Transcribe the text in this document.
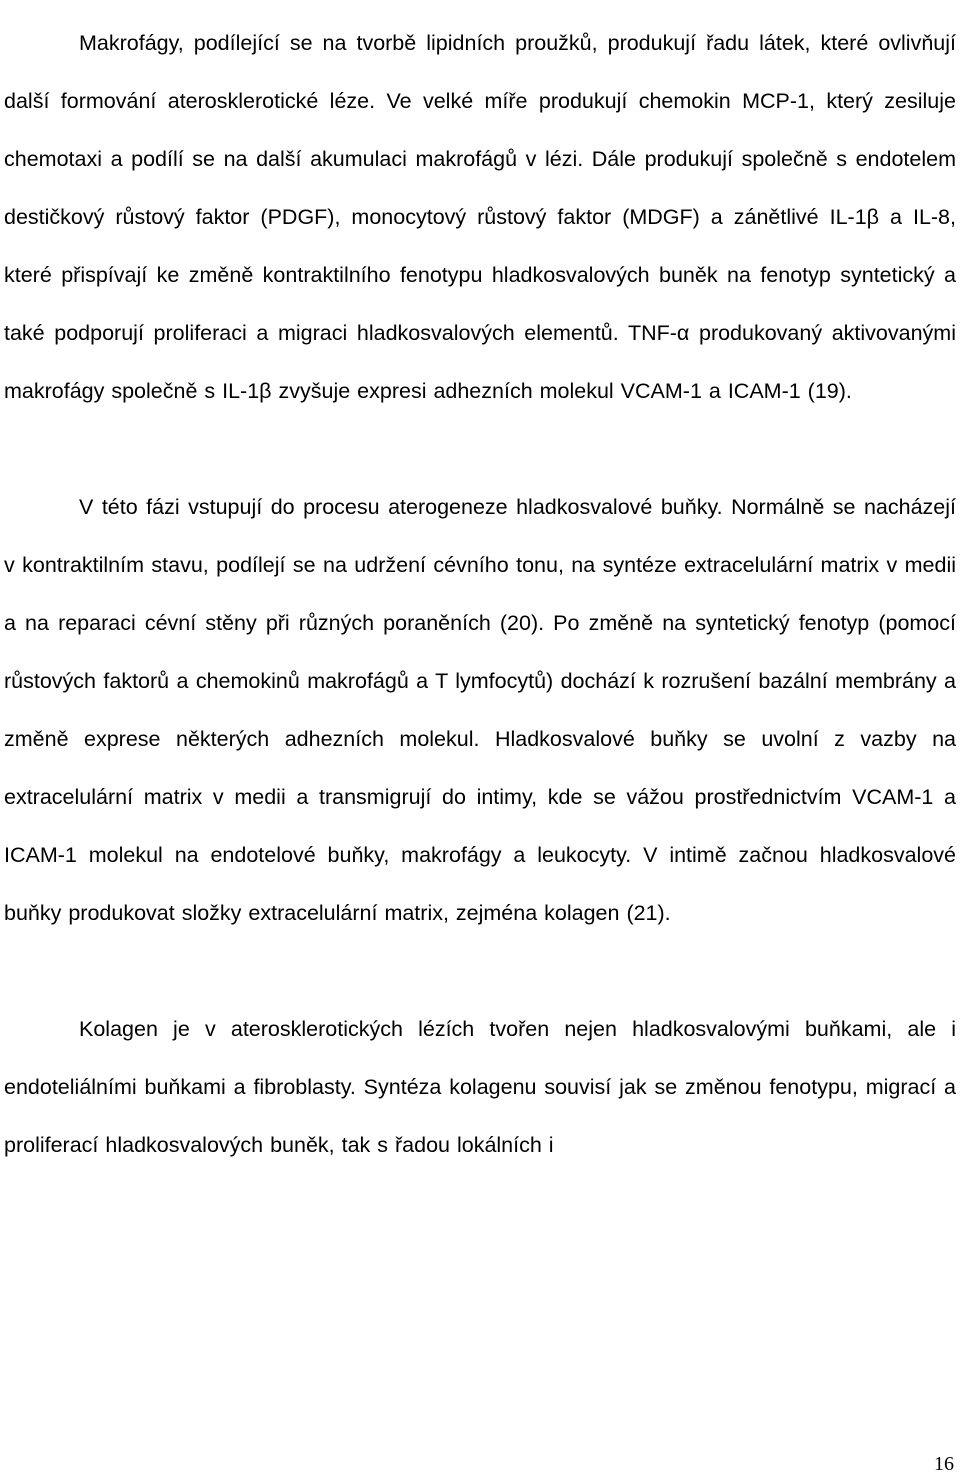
Makrofágy, podílející se na tvorbě lipidních proužků, produkují řadu látek, které ovlivňují další formování aterosklerotické léze. Ve velké míře produkují chemokin MCP-1, který zesiluje chemotaxi a podílí se na další akumulaci makrofágů v lézi. Dále produkují společně s endotelem destičkový růstový faktor (PDGF), monocytový růstový faktor (MDGF) a zánětlivé IL-1β a IL-8, které přispívají ke změně kontraktilního fenotypu hladkosvalových buněk na fenotyp syntetický a také podporují proliferaci a migraci hladkosvalových elementů. TNF-α produkovaný aktivovanými makrofágy společně s IL-1β zvyšuje expresi adhezních molekul VCAM-1 a ICAM-1 (19).

V této fázi vstupují do procesu aterogeneze hladkosvalové buňky. Normálně se nacházejí v kontraktilním stavu, podílejí se na udržení cévního tonu, na syntéze extracelulární matrix v medii a na reparaci cévní stěny při různých poraněních (20). Po změně na syntetický fenotyp (pomocí růstových faktorů a chemokinů makrofágů a T lymfocytů) dochází k rozrušení bazální membrány a změně exprese některých adhezních molekul. Hladkosvalové buňky se uvolní z vazby na extracelulární matrix v medii a transmigrují do intimy, kde se vážou prostřednictvím VCAM-1 a ICAM-1 molekul na endotelové buňky, makrofágy a leukocyty. V intimě začnou hladkosvalové buňky produkovat složky extracelulární matrix, zejména kolagen (21).

Kolagen je v aterosklerotických lézích tvořen nejen hladkosvalovými buňkami, ale i endoteliálními buňkami a fibroblasty. Syntéza kolagenu souvisí jak se změnou fenotypu, migrací a proliferací hladkosvalových buněk, tak s řadou lokálních i

16
